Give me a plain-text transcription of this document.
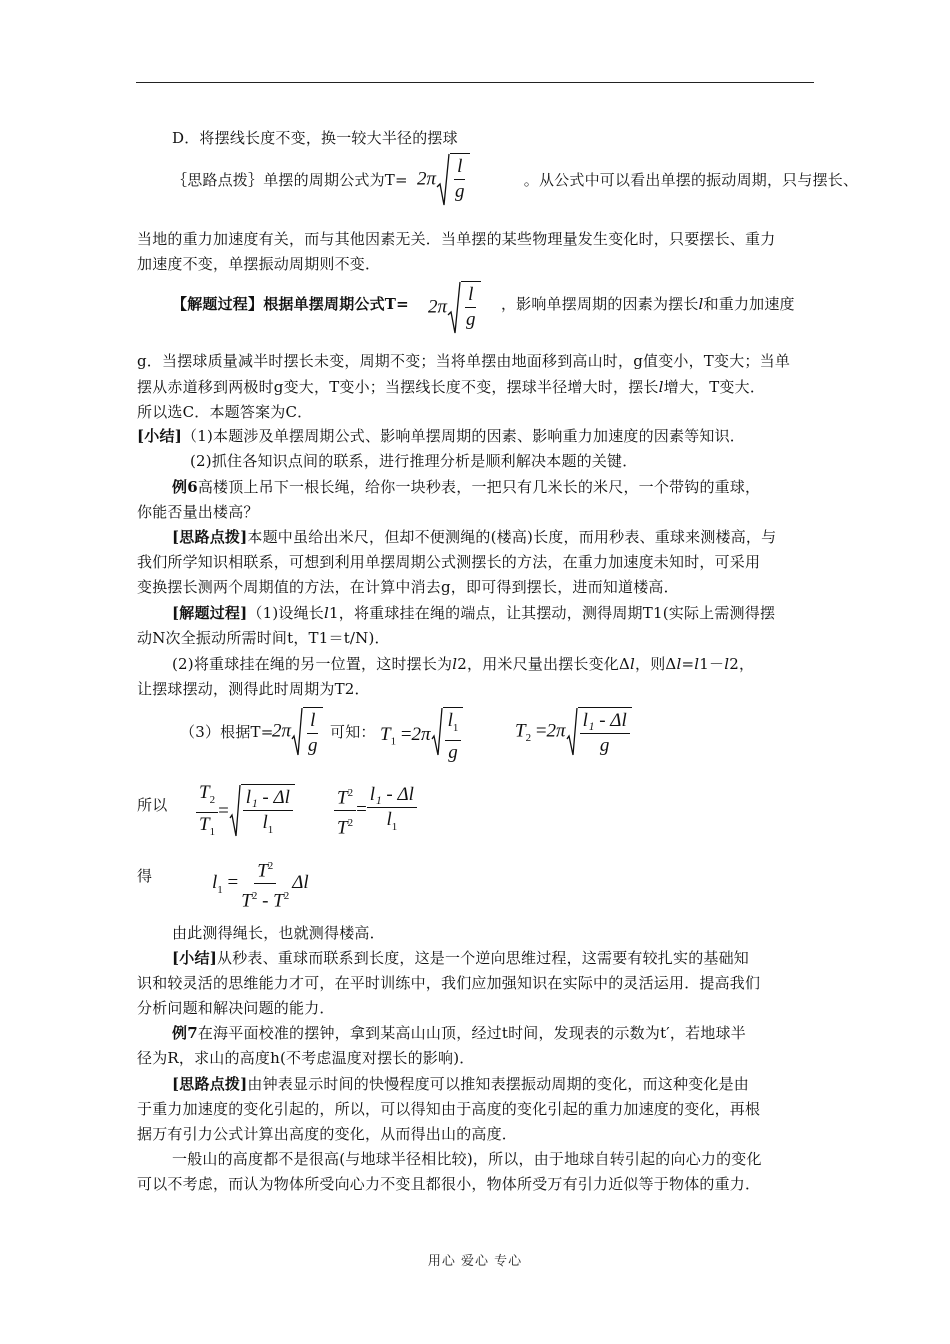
D．将摆线长度不变，换一较大半径的摆球
｛思路点拨｝单摆的周期公式为T=	。从公式中可以看出单摆的振动周期，只与摆长、
$2\pi \frac{l}{g}$
当地的重力加速度有关，而与其他因素无关．当单摆的某些物理量发生变化时，只要摆长、重力
加速度不变，单摆振动周期则不变．
【解题过程】根据单摆周期公式T=	，影响单摆周期的因素为摆长l和重力加速度
$2\pi \frac{l}{g}$
g．当摆球质量减半时摆长未变，周期不变；当将单摆由地面移到高山时，g值变小，T变大；当单
摆从赤道移到两极时g变大，T变小；当摆线长度不变，摆球半径增大时，摆长l增大，T变大．
所以选C．本题答案为C．
[小结]（1)本题涉及单摆周期公式、影响单摆周期的因素、影响重力加速度的因素等知识．
(2)抓住各知识点间的联系，进行推理分析是顺利解决本题的关键．
例6高楼顶上吊下一根长绳，给你一块秒表，一把只有几米长的米尺，一个带钩的重球，
你能否量出楼高？
[思路点拨]本题中虽给出米尺，但却不便测绳的(楼高)长度，而用秒表、重球来测楼高，与
我们所学知识相联系，可想到利用单摆周期公式测摆长的方法，在重力加速度未知时，可采用
变换摆长测两个周期值的方法，在计算中消去g，即可得到摆长，进而知道楼高．
[解题过程]（1)设绳长l1，将重球挂在绳的端点，让其摆动，测得周期T1(实际上需测得摆
动N次全振动所需时间t，T1＝t/N)．
(2)将重球挂在绳的另一位置，这时摆长为l2，用米尺量出摆长变化Δl，则Δl=l1－l2，
让摆球摆动，测得此时周期为T2．
（3）根据T=
$2\pi \frac{l}{g}$ 可知： $T_1 =2\pi \frac{l_1}{g}$	$T_2 =2\pi \frac{\text{l₁ - Δl}}{g}$
所以 $\frac{T_2}{T_1} = \frac{\text{l₁ - Δl}}{l_1} \frac{T^2}{T^2} = \frac{\text{l₁ - Δl}}{l_1}$
得	$l_1 = \frac{T^2}{T^2 - T^2}$ Δl
由此测得绳长，也就测得楼高．
[小结]从秒表、重球而联系到长度，这是一个逆向思维过程，这需要有较扎实的基础知
识和较灵活的思维能力才可，在平时训练中，我们应加强知识在实际中的灵活运用．提高我们
分析问题和解决问题的能力．
例7在海平面校准的摆钟，拿到某高山山顶，经过t时间，发现表的示数为t′，若地球半
径为R，求山的高度h(不考虑温度对摆长的影响)．
[思路点拨]由钟表显示时间的快慢程度可以推知表摆振动周期的变化，而这种变化是由
于重力加速度的变化引起的，所以，可以得知由于高度的变化引起的重力加速度的变化，再根
据万有引力公式计算出高度的变化，从而得出山的高度．
一般山的高度都不是很高(与地球半径相比较)，所以，由于地球自转引起的向心力的变化
可以不考虑，而认为物体所受向心力不变且都很小，物体所受万有引力近似等于物体的重力．
用心 爱心 专心
